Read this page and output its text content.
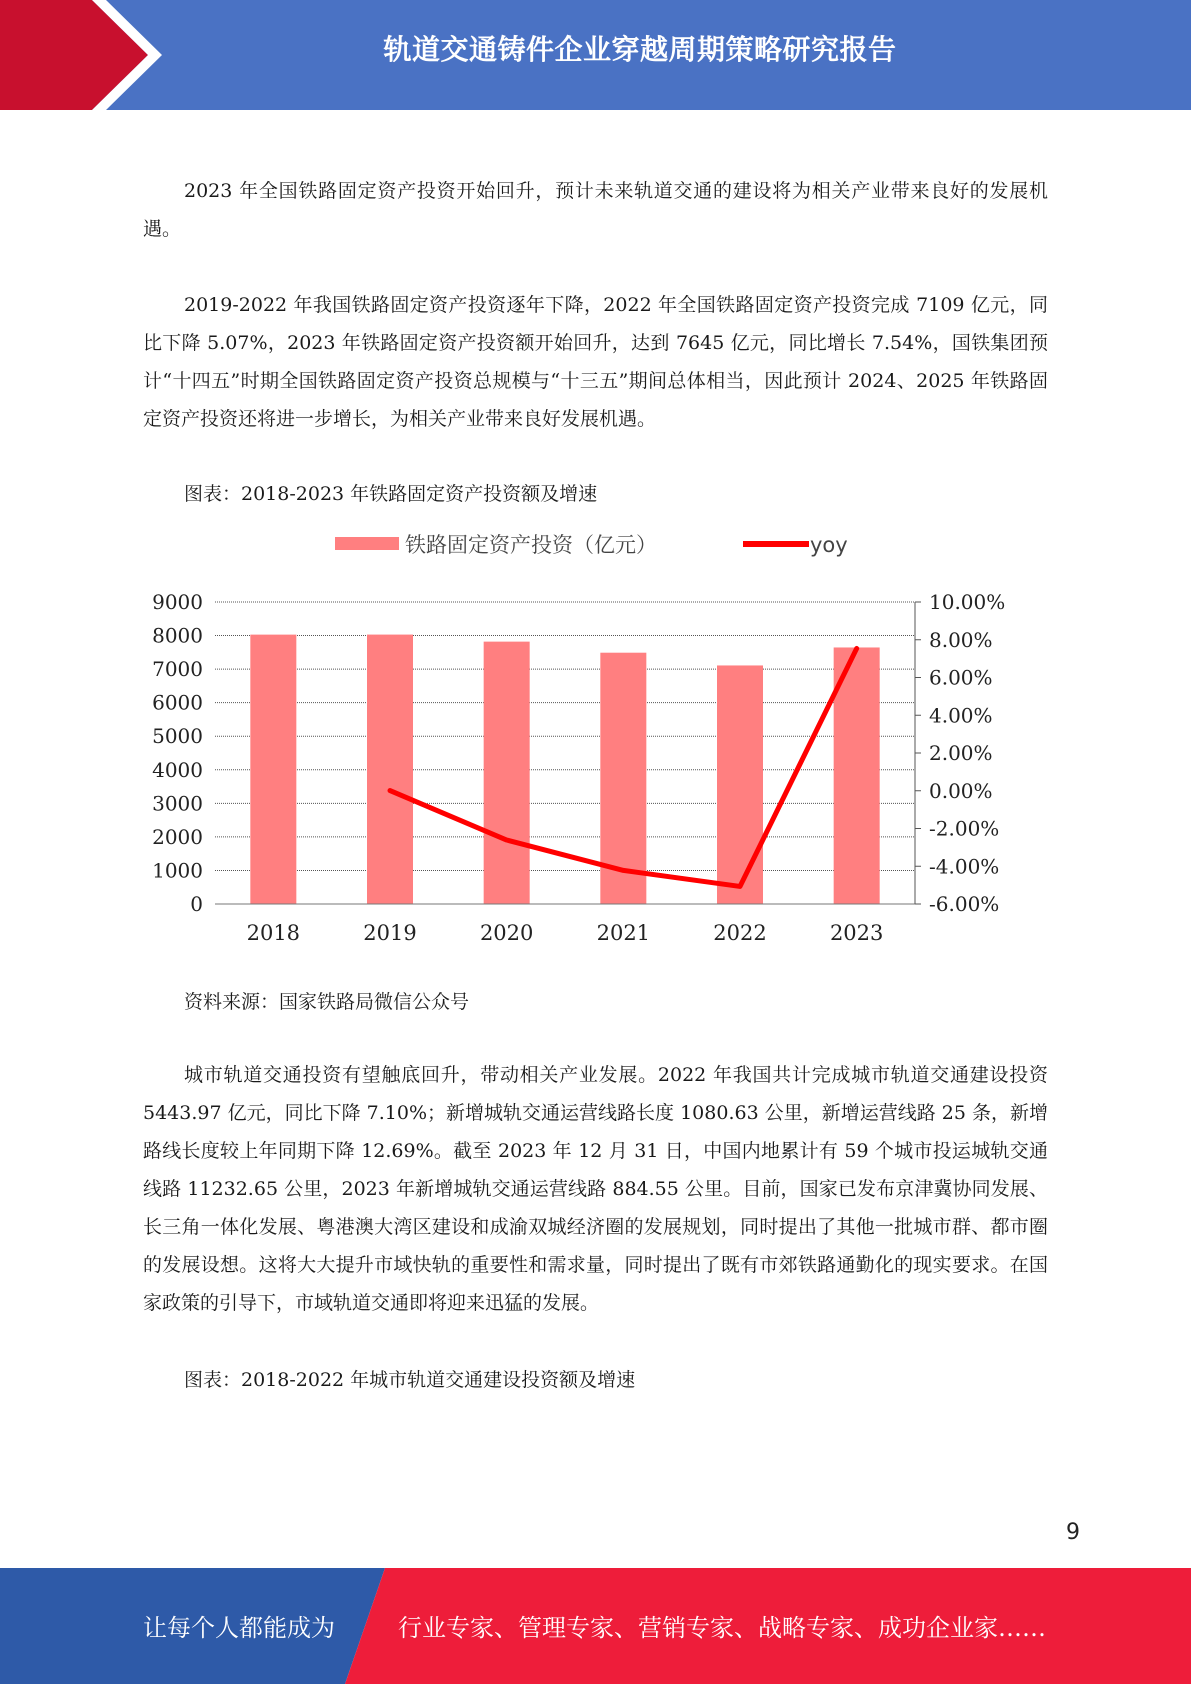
轨道交通铸件企业穿越周期策略研究报告

2023 年全国铁路固定资产投资开始回升，预计未来轨道交通的建设将为相关产业带来良好的发展机遇。

2019-2022 年我国铁路固定资产投资逐年下降，2022 年全国铁路固定资产投资完成 7109 亿元，同比下降 5.07%，2023 年铁路固定资产投资额开始回升，达到 7645 亿元，同比增长 7.54%，国铁集团预计“十四五”时期全国铁路固定资产投资总规模与“十三五”期间总体相当，因此预计 2024、2025 年铁路固定资产投资还将进一步增长，为相关产业带来良好发展机遇。

图表：2018-2023 年铁路固定资产投资额及增速

铁路固定资产投资（亿元）	yoy
0
1000
2000
3000
4000
5000
6000
7000
8000
9000
-6.00%
-4.00%
-2.00%
0.00%
2.00%
4.00%
6.00%
8.00%
10.00%
2018	2019	2020	2021	2022	2023

资料来源：国家铁路局微信公众号

城市轨道交通投资有望触底回升，带动相关产业发展。2022 年我国共计完成城市轨道交通建设投资 5443.97 亿元，同比下降 7.10%；新增城轨交通运营线路长度 1080.63 公里，新增运营线路 25 条，新增路线长度较上年同期下降 12.69%。截至 2023 年 12 月 31 日，中国内地累计有 59 个城市投运城轨交通线路 11232.65 公里，2023 年新增城轨交通运营线路 884.55 公里。目前，国家已发布京津冀协同发展、长三角一体化发展、粤港澳大湾区建设和成渝双城经济圈的发展规划，同时提出了其他一批城市群、都市圈的发展设想。这将大大提升市域快轨的重要性和需求量，同时提出了既有市郊铁路通勤化的现实要求。在国家政策的引导下，市域轨道交通即将迎来迅猛的发展。

图表：2018-2022 年城市轨道交通建设投资额及增速

9
让每个人都能成为	行业专家、管理专家、营销专家、战略专家、成功企业家……
